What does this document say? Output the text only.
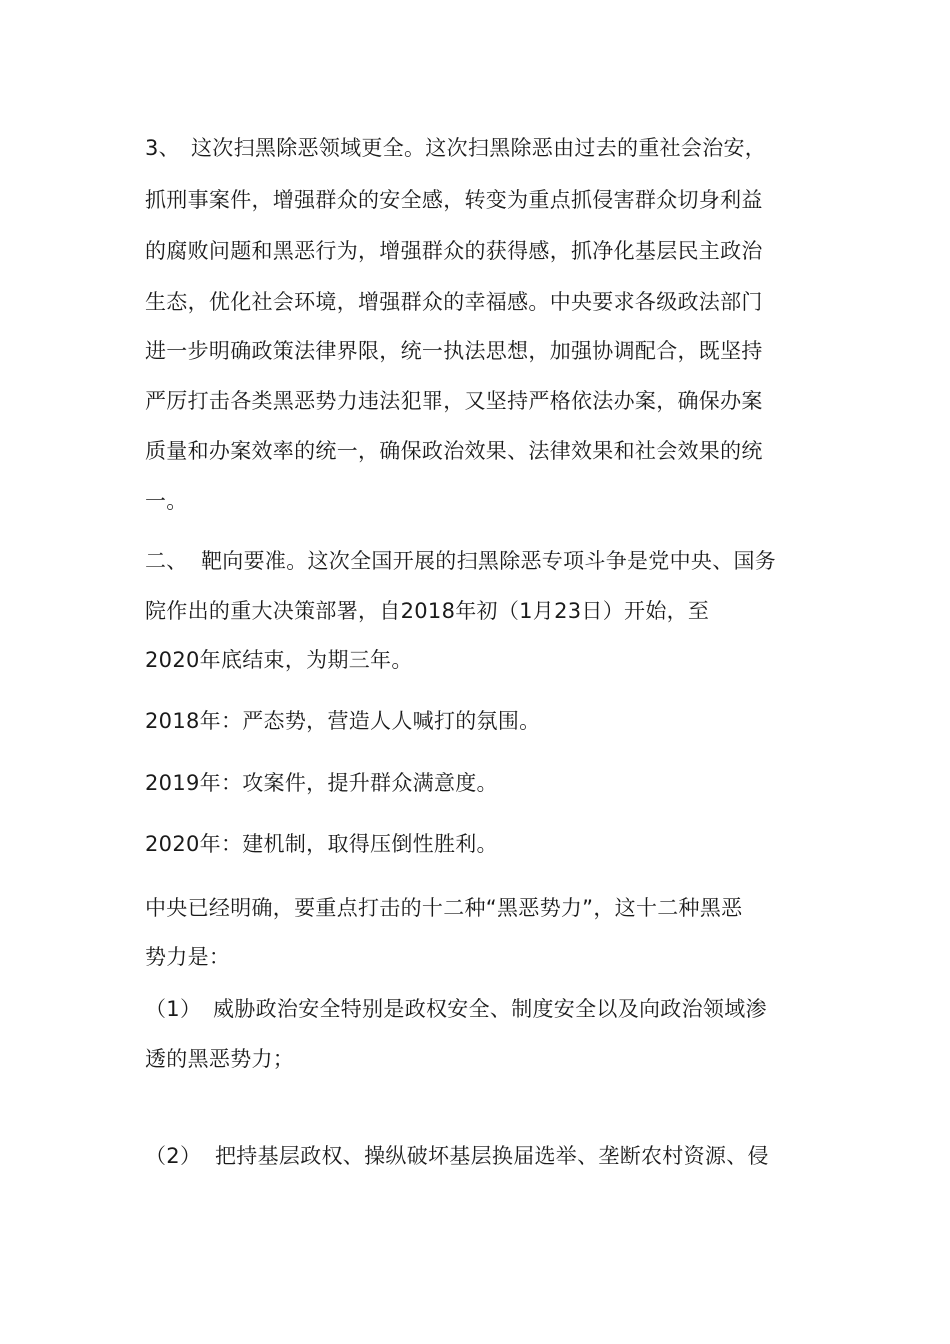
3、 这次扫黑除恶领域更全。这次扫黑除恶由过去的重社会治安，
抓刑事案件，增强群众的安全感，转变为重点抓侵害群众切身利益
的腐败问题和黑恶行为，增强群众的获得感，抓净化基层民主政治
生态，优化社会环境，增强群众的幸福感。中央要求各级政法部门
进一步明确政策法律界限，统一执法思想，加强协调配合，既坚持
严厉打击各类黑恶势力违法犯罪，又坚持严格依法办案，确保办案
质量和办案效率的统一，确保政治效果、法律效果和社会效果的统
一。
二、 靶向要准。这次全国开展的扫黑除恶专项斗争是党中央、国务
院作出的重大决策部署，自2018年初（1月23日）开始，至
2020年底结束，为期三年。
2018年：严态势，营造人人喊打的氛围。
2019年：攻案件，提升群众满意度。
2020年：建机制，取得压倒性胜利。
中央已经明确，要重点打击的十二种“黑恶势力”，这十二种黑恶
势力是：
（1） 威胁政治安全特别是政权安全、制度安全以及向政治领域渗
透的黑恶势力；
（2） 把持基层政权、操纵破坏基层换届选举、垄断农村资源、侵
